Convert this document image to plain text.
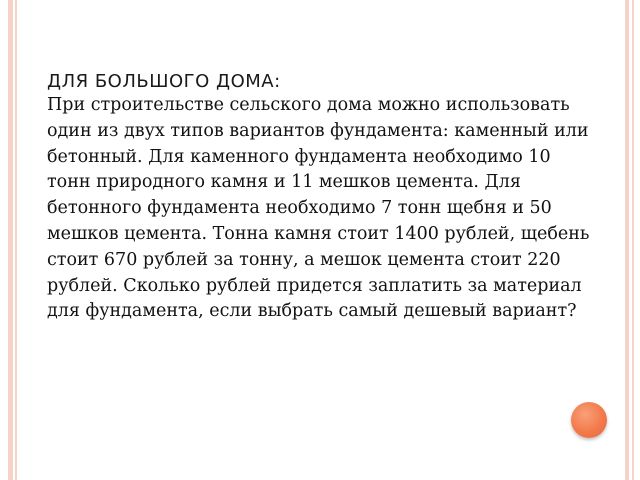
ДЛЯ БОЛЬШОГО ДОМА:

При строительстве сельского дома можно использовать один из двух типов вариантов фундамента: каменный или бетонный. Для каменного фундамента необходимо 10 тонн природного камня и 11 мешков цемента. Для бетонного фундамента необходимо 7 тонн щебня и 50 мешков цемента. Тонна камня стоит 1400 рублей, щебень стоит 670 рублей за тонну, а мешок цемента стоит 220 рублей. Сколько рублей придется заплатить за материал для фундамента, если выбрать самый дешевый вариант?
